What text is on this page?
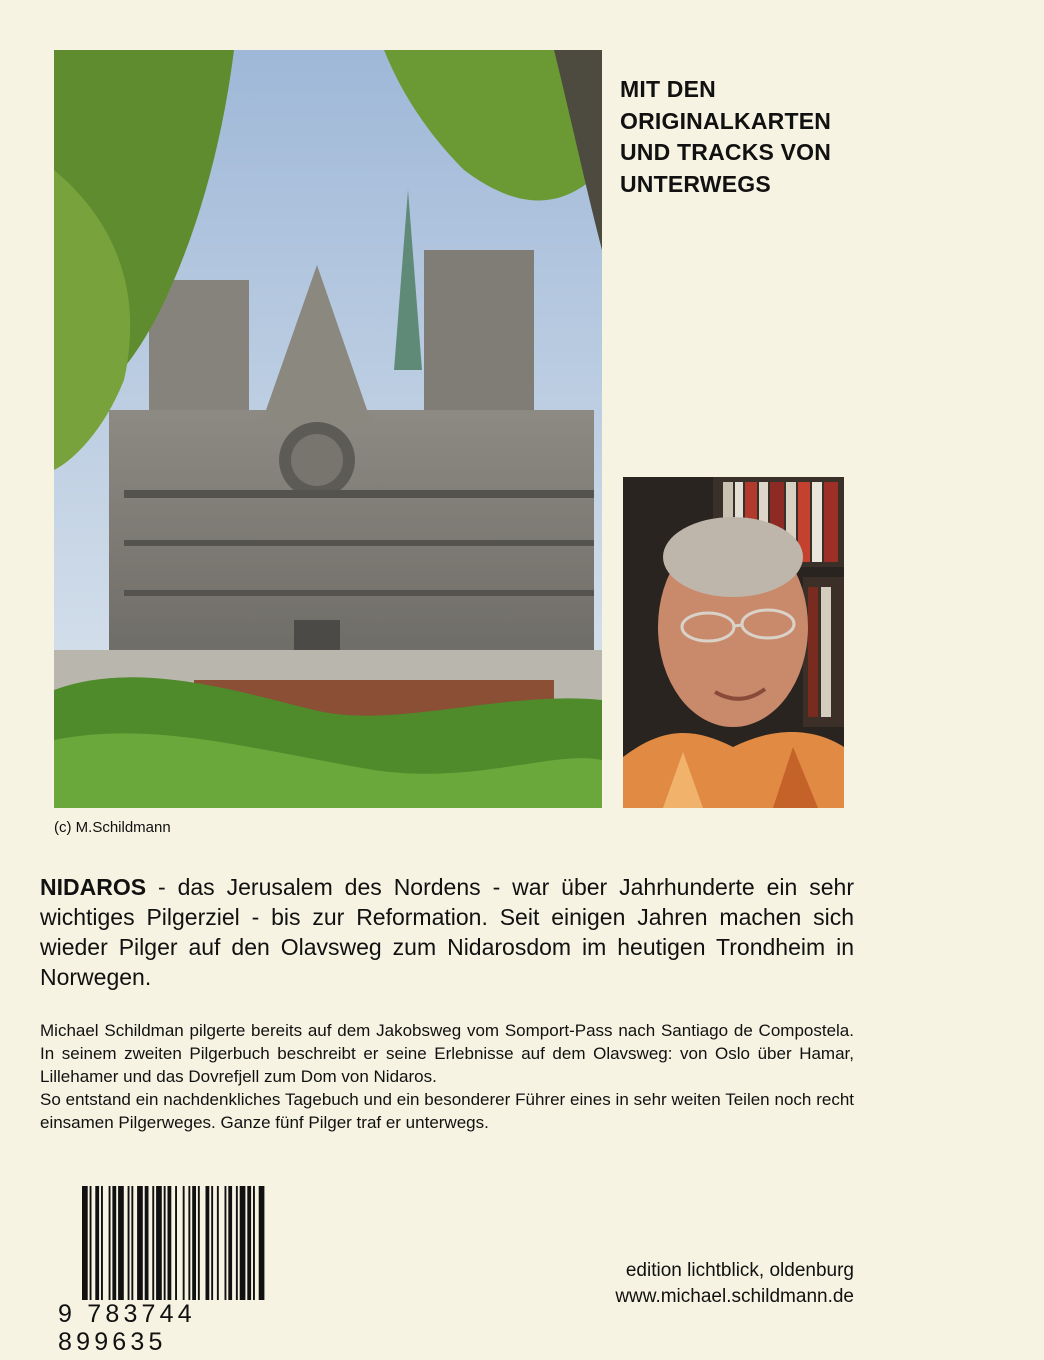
MIT DEN
ORIGINALKARTEN
UND TRACKS VON
UNTERWEGS
(c) M.Schildmann
NIDAROS - das Jerusalem des Nordens - war über Jahrhunderte ein sehr wichtiges Pilgerziel - bis zur Reformation. Seit einigen Jahren machen sich wieder Pilger auf den Olavsweg zum Nidarosdom im heutigen Trondheim in Norwegen.

Michael Schildman pilgerte bereits auf dem Jakobsweg vom Somport-Pass nach Santiago de Compostela. In seinem zweiten Pilgerbuch beschreibt er seine Erlebnisse auf dem Olavsweg: von Oslo über Hamar, Lillehamer und das Dovrefjell zum Dom von Nidaros.

So entstand ein nachdenkliches Tagebuch und ein besonderer Führer eines in sehr weiten Teilen noch recht einsamen Pilgerweges. Ganze fünf Pilger traf er unterwegs.

9 783744 899635
edition lichtblick, oldenburg
www.michael.schildmann.de
